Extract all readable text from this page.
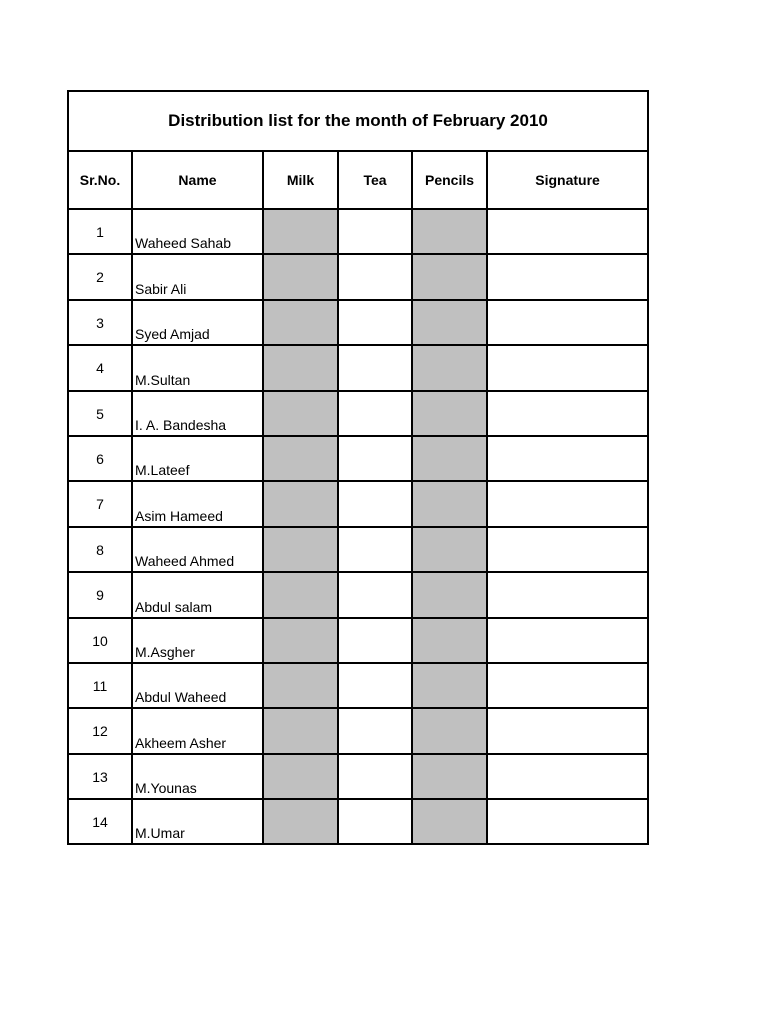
Distribution list for the month of February 2010					
Sr.No.	Name	Milk	Tea	Pencils	Signature
1	Waheed Sahab				
2	Sabir Ali				
3	Syed Amjad				
4	M.Sultan				
5	I. A. Bandesha				
6	M.Lateef				
7	Asim Hameed				
8	Waheed Ahmed				
9	Abdul salam				
10	M.Asgher				
11	Abdul Waheed				
12	Akheem Asher				
13	M.Younas				
14	M.Umar				
